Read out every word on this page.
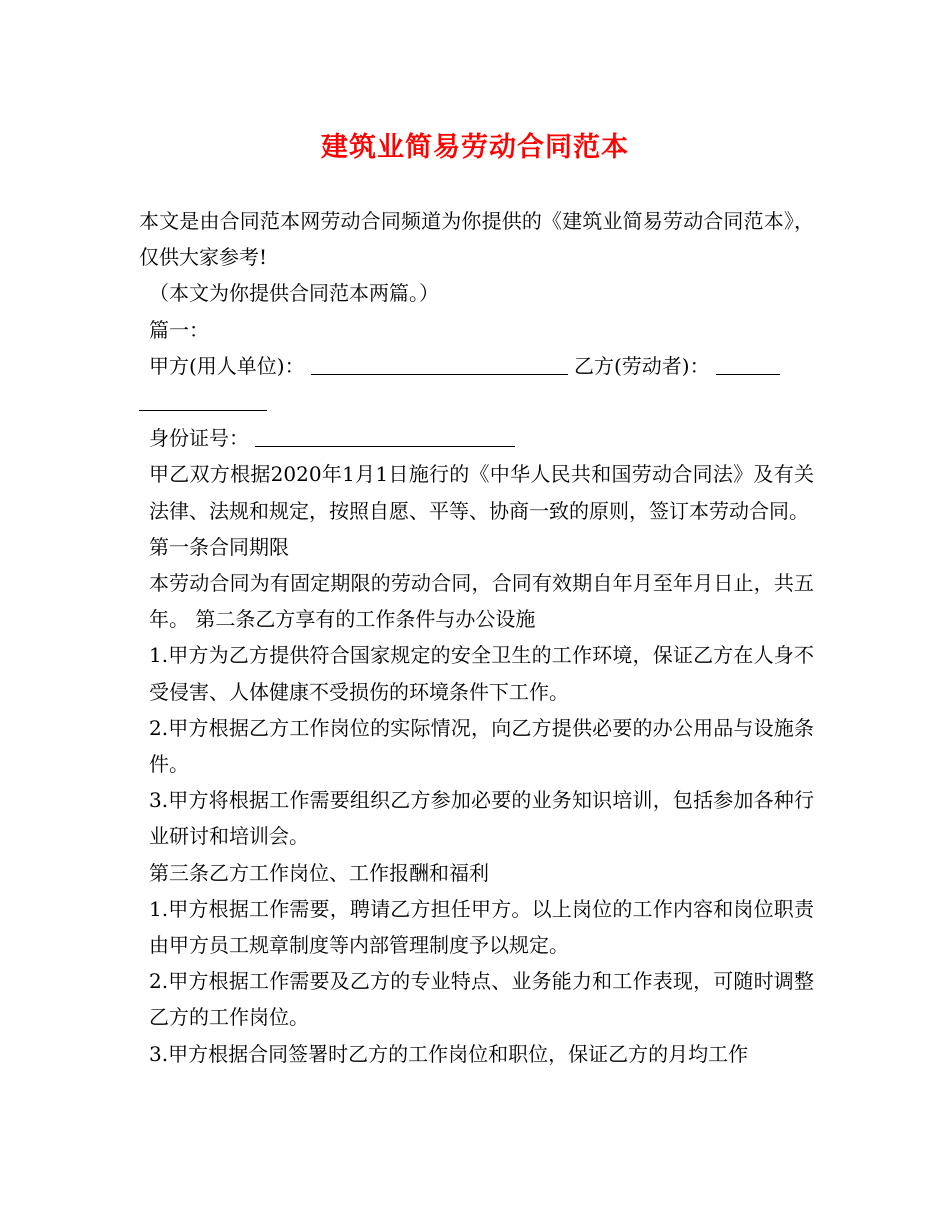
建筑业简易劳动合同范本

本文是由合同范本网劳动合同频道为你提供的《建筑业简易劳动合同范本》，仅供大家参考!

（本文为你提供合同范本两篇。）

篇一：

甲方(用人单位)：	乙方(劳动者)：

身份证号：

甲乙双方根据2020年1月1日施行的《中华人民共和国劳动合同法》及有关法律、法规和规定，按照自愿、平等、协商一致的原则，签订本劳动合同。

第一条合同期限

本劳动合同为有固定期限的劳动合同，合同有效期自年月至年月日止，共五年。 第二条乙方享有的工作条件与办公设施

1.甲方为乙方提供符合国家规定的安全卫生的工作环境，保证乙方在人身不受侵害、人体健康不受损伤的环境条件下工作。

2.甲方根据乙方工作岗位的实际情况，向乙方提供必要的办公用品与设施条件。

3.甲方将根据工作需要组织乙方参加必要的业务知识培训，包括参加各种行业研讨和培训会。

第三条乙方工作岗位、工作报酬和福利

1.甲方根据工作需要，聘请乙方担任甲方。以上岗位的工作内容和岗位职责由甲方员工规章制度等内部管理制度予以规定。

2.甲方根据工作需要及乙方的专业特点、业务能力和工作表现，可随时调整乙方的工作岗位。

3.甲方根据合同签署时乙方的工作岗位和职位，保证乙方的月均工作
